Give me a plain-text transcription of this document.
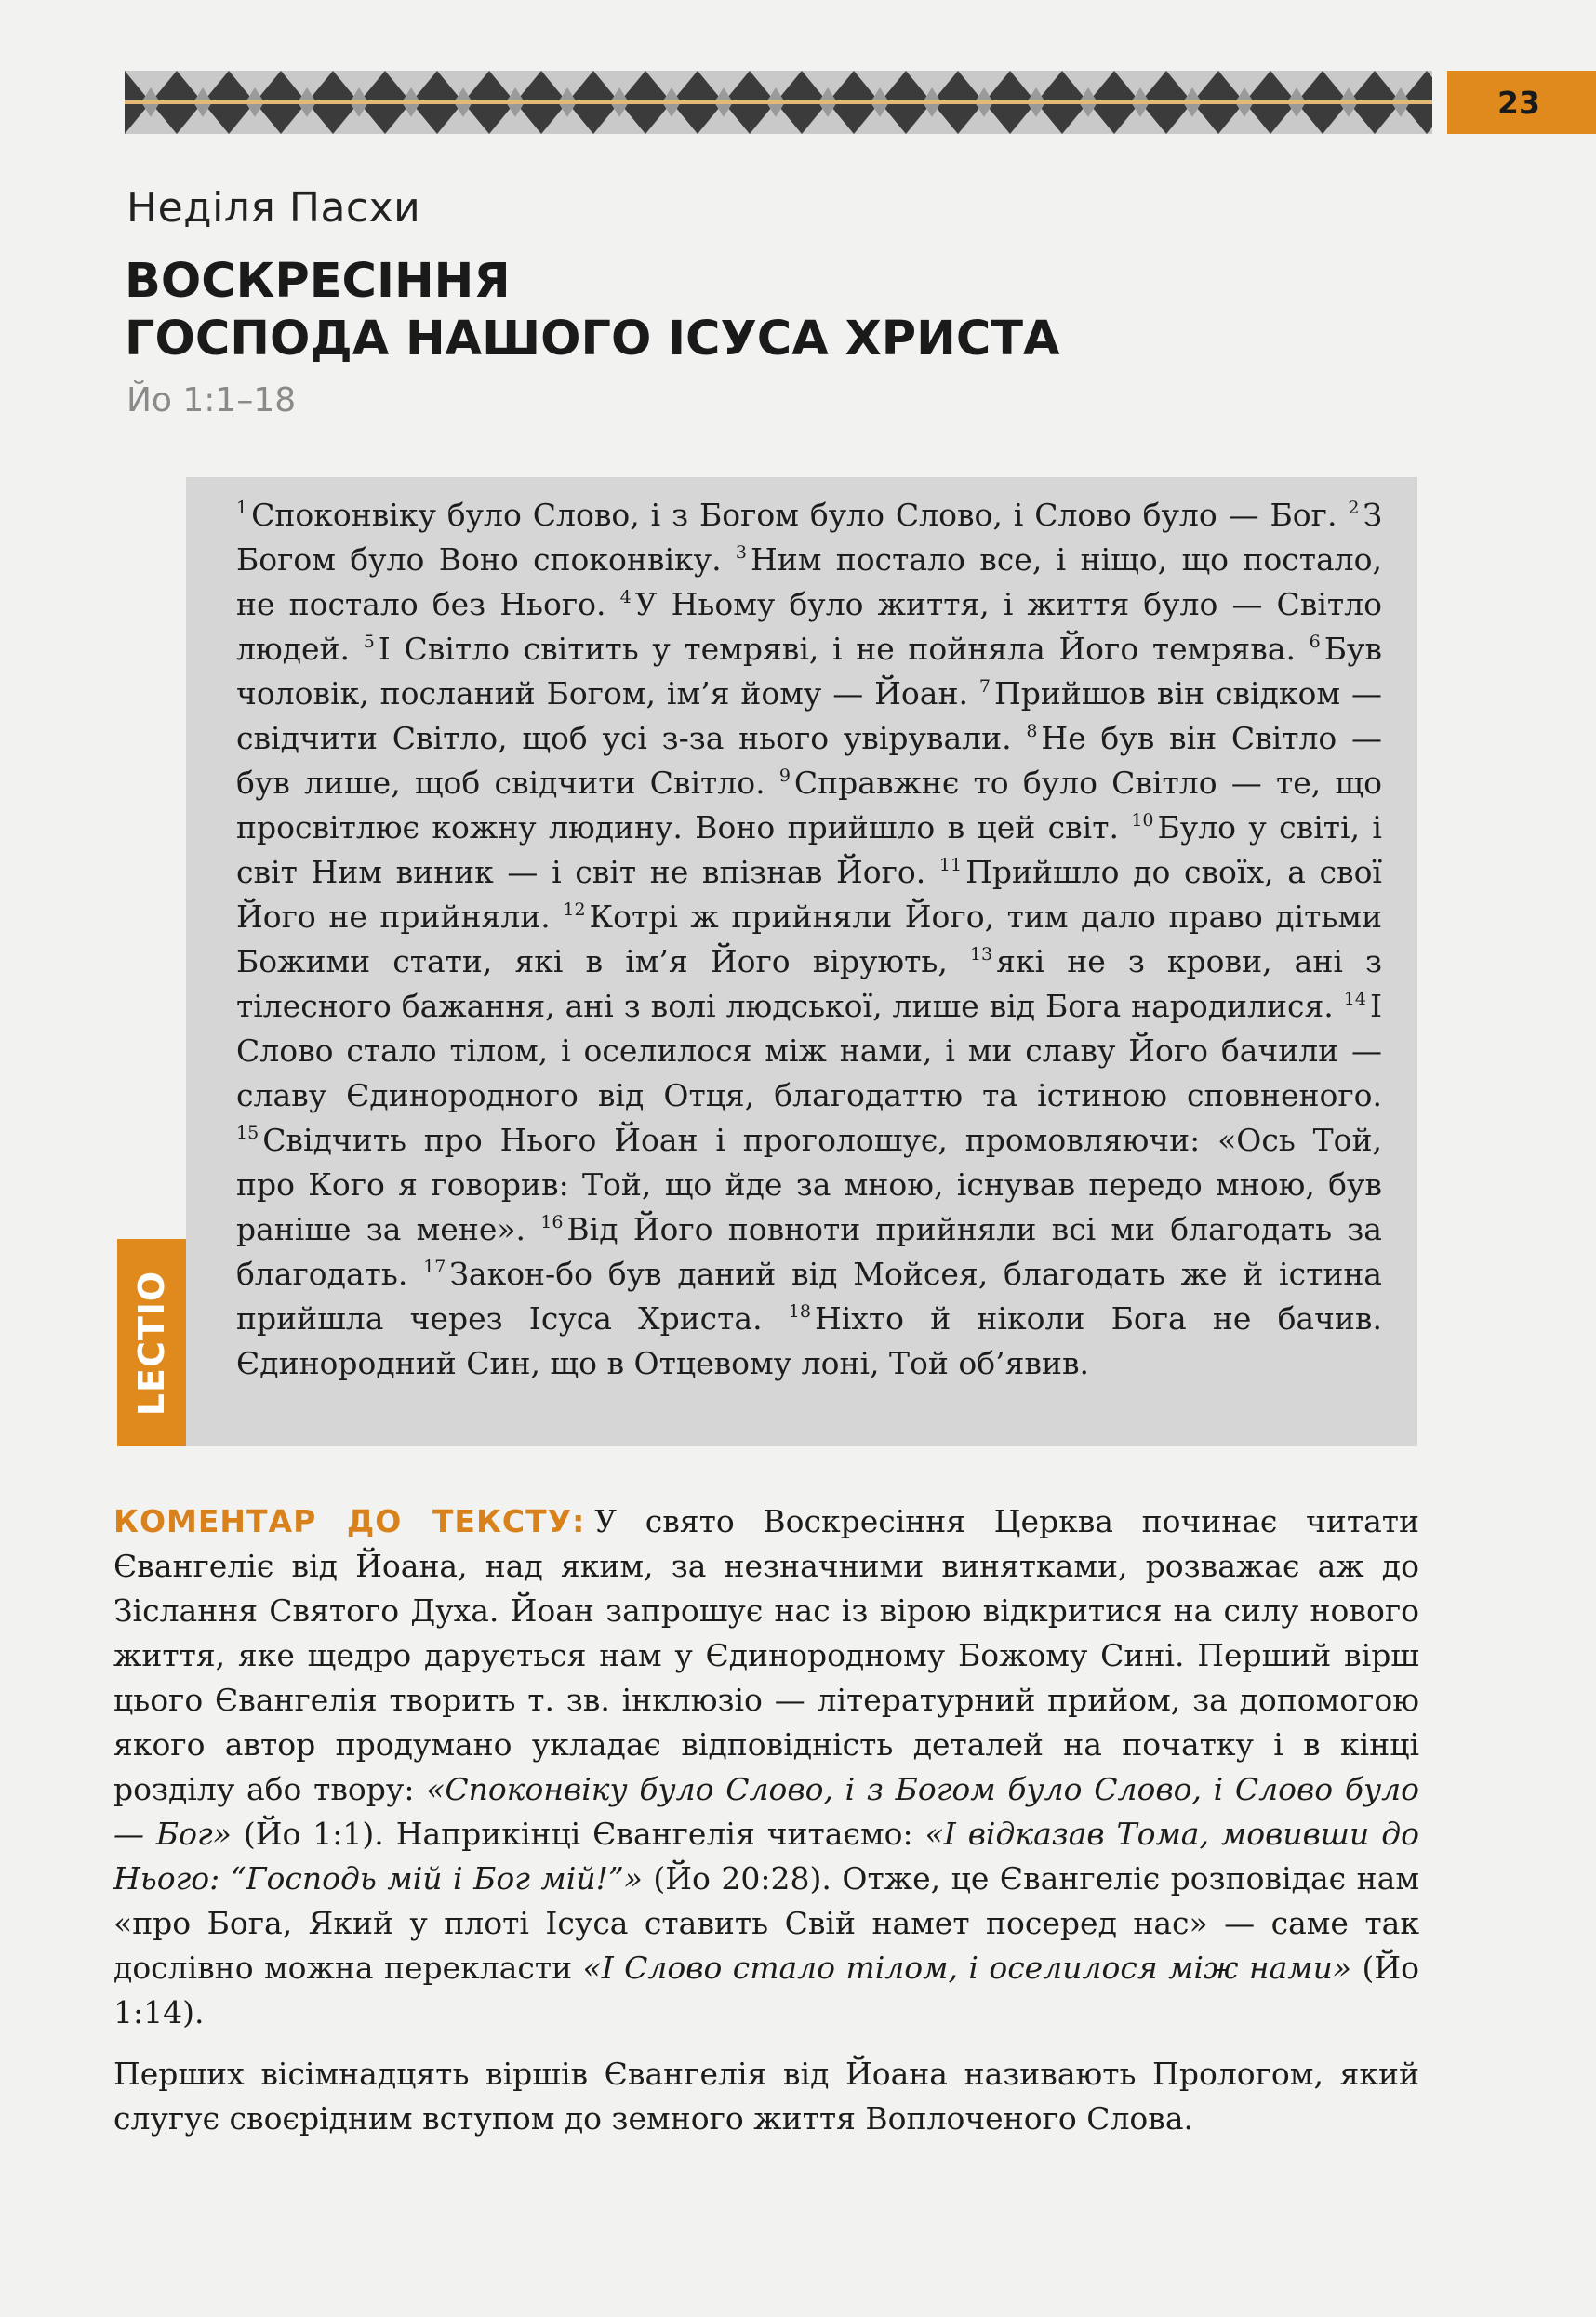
23
Неділя Пасхи
ВОСКРЕСІННЯ
ГОСПОДА НАШОГО ІСУСА ХРИСТА
Йо 1:1–18
$^1$ Споконвіку було Слово, і з Богом було Слово, і Слово було — Бог. $^2$ З Богом було Воно споконвіку. $^3$ Ним постало все, і ніщо, що постало, не постало без Нього. $^4$ У Ньому було життя, і життя було — Світло людей. $^5$ І Світло світить у темряві, і не пойняла Його темрява. $^6$ Був чоловік, посланий Богом, ім’я йому — Йоан. $^7$ Прийшов він свідком — свідчити Світло, щоб усі з-за нього увірували. $^8$ Не був він Світло — був лише, щоб свідчити Світло. $^9$ Справжнє то було Світло — те, що просвітлює кожну людину. Воно прийшло в цей світ. $^{10}$ Було у світі, і світ Ним виник — і світ не впізнав Його. $^{11}$ Прийшло до своїх, а свої Його не прийняли. $^{12}$ Котрі ж прийняли Його, тим дало право дітьми Божими стати, які в ім’я Його вірують, $^{13}$ які не з крови, ані з тілесного бажання, ані з волі людської, лише від Бога народилися. $^{14}$ І Слово стало тілом, і оселилося між нами, і ми славу Його бачили — славу Єдинородного від Отця, благодаттю та істиною сповненого. $^{15}$ Свідчить про Нього Йоан і проголошує, промовляючи: «Ось Той, про Кого я говорив: Той, що йде за мною, існував передо мною, був раніше за мене». $^{16}$ Від Його повноти прийняли всі ми благодать за благодать. $^{17}$ Закон-бо був даний від Мойсея, благодать же й істина прийшла через Ісуса Христа. $^{18}$ Ніхто й ніколи Бога не бачив. Єдинородний Син, що в Отцевому лоні, Той об’явив.
LECTIO

КОМЕНТАР ДО ТЕКСТУ: У свято Воскресіння Церква починає читати Євангеліє від Йоана, над яким, за незначними винятками, розважає аж до Зіслання Святого Духа. Йоан запрошує нас із вірою відкритися на силу нового життя, яке щедро дарується нам у Єдинородному Божому Сині. Перший вірш цього Євангелія творить т. зв. інклюзіо — літературний прийом, за допомогою якого автор продумано укладає відповідність деталей на початку і в кінці розділу або твору: «Споконвіку було Слово, і з Богом було Слово, і Слово було — Бог» (Йо 1:1). Наприкінці Євангелія читаємо: «І відказав Тома, мовивши до Нього: “Господь мій і Бог мій!”» (Йо 20:28). Отже, це Євангеліє розповідає нам «про Бога, Який у плоті Ісуса ставить Свій намет посеред нас» — саме так дослівно можна перекласти «І Слово стало тілом, і оселилося між нами» (Йо 1:14).

Перших вісімнадцять віршів Євангелія від Йоана називають Прологом, який слугує своєрідним вступом до земного життя Воплоченого Слова.
